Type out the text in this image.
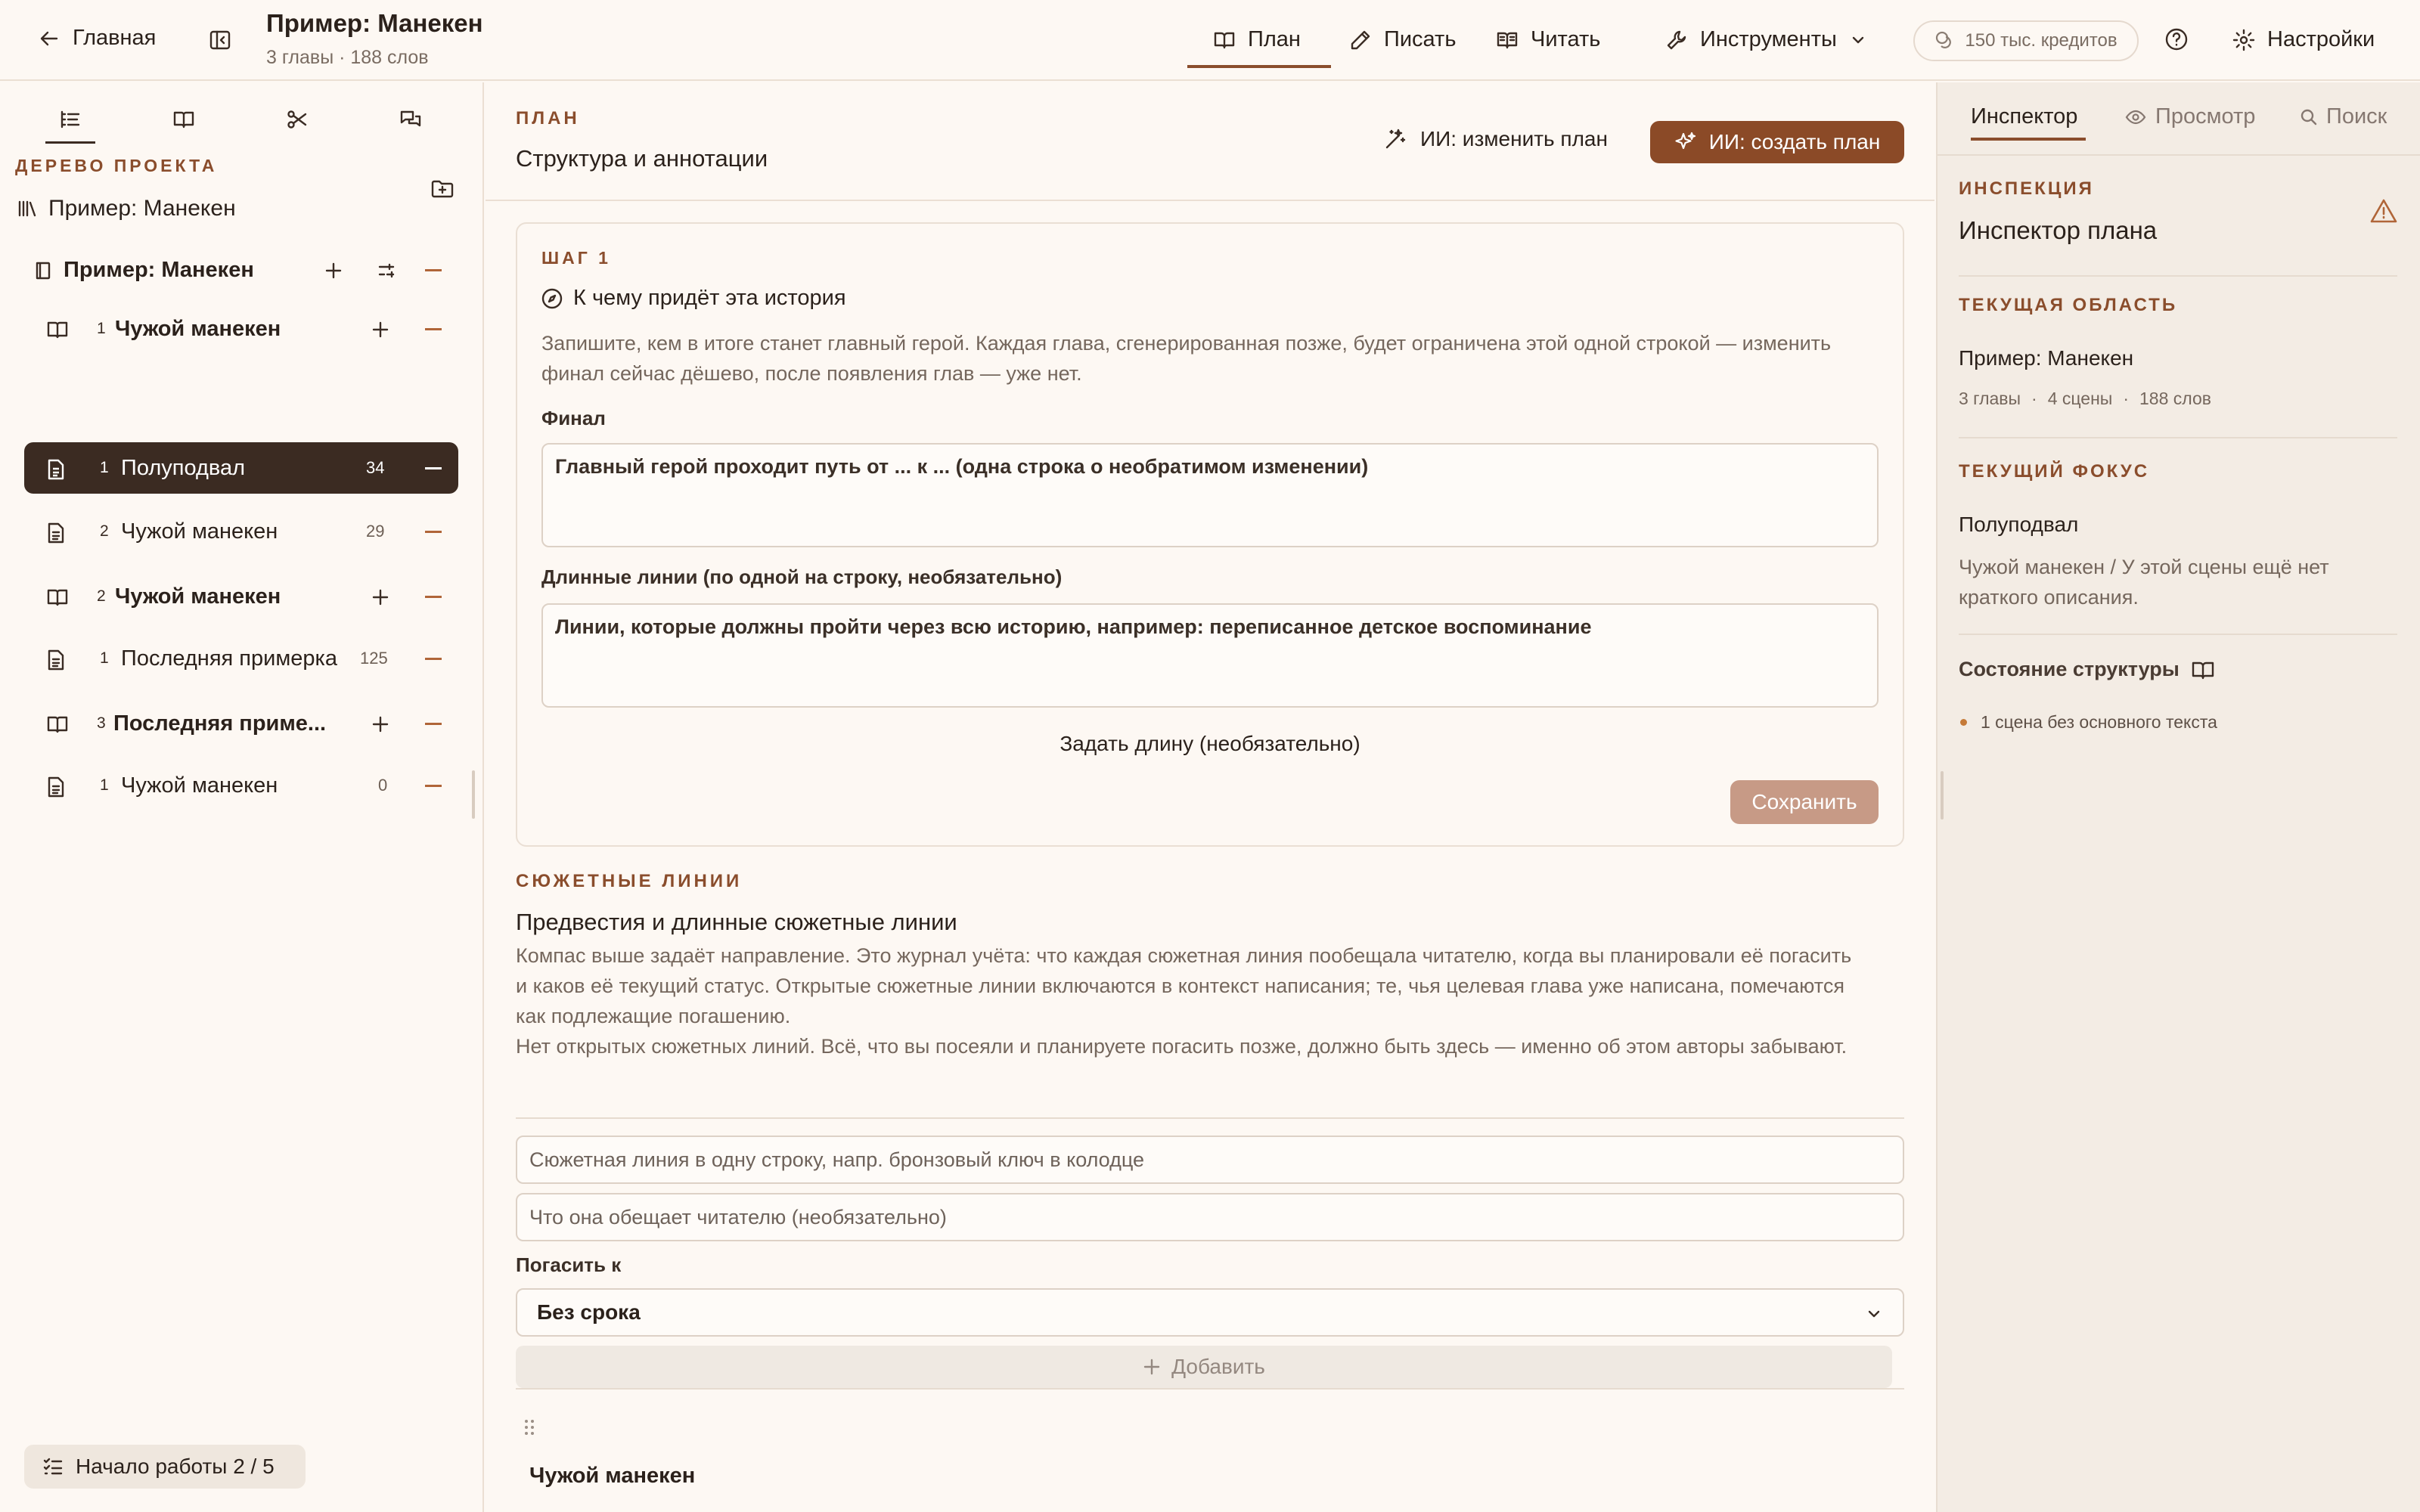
Главная
Пример: Манекен
3 главы · 188 слов
План	Писать	Читать	Инструменты	150 тыс. кредитов	Настройки
ДЕРЕВО ПРОЕКТА
Пример: Манекен
Пример: Манекен
1 Чужой манекен
1 Полуподвал	34
2 Чужой манекен	29
2 Чужой манекен
1 Последняя примерка 125
3 Последняя приме...
1 Чужой манекен	0
Начало работы 2 / 5
ПЛАН
Структура и аннотации
ИИ: изменить план	ИИ: создать план
ШАГ 1
К чему придёт эта история
Запишите, кем в итоге станет главный герой. Каждая глава, сгенерированная позже, будет ограничена этой одной строкой — изменить финал сейчас дёшево, после появления глав — уже нет.
Финал
Главный герой проходит путь от ... к ... (одна строка о необратимом изменении)
Длинные линии (по одной на строку, необязательно)
Линии, которые должны пройти через всю историю, например: переписанное детское воспоминание
Задать длину (необязательно)
Сохранить
СЮЖЕТНЫЕ ЛИНИИ
Предвестия и длинные сюжетные линии
Компас выше задаёт направление. Это журнал учёта: что каждая сюжетная линия пообещала читателю, когда вы планировали её погасить и каков её текущий статус. Открытые сюжетные линии включаются в контекст написания; те, чья целевая глава уже написана, помечаются как подлежащие погашению.
Нет открытых сюжетных линий. Всё, что вы посеяли и планируете погасить позже, должно быть здесь — именно об этом авторы забывают.
Сюжетная линия в одну строку, напр. бронзовый ключ в колодце
Что она обещает читателю (необязательно)
Погасить к
Без срока
Добавить
Чужой манекен
Инспектор	Просмотр	Поиск
ИНСПЕКЦИЯ
Инспектор плана
ТЕКУЩАЯ ОБЛАСТЬ
Пример: Манекен
3 главы · 4 сцены · 188 слов
ТЕКУЩИЙ ФОКУС
Полуподвал
Чужой манекен / У этой сцены ещё нет краткого описания.
Состояние структуры
1 сцена без основного текста
